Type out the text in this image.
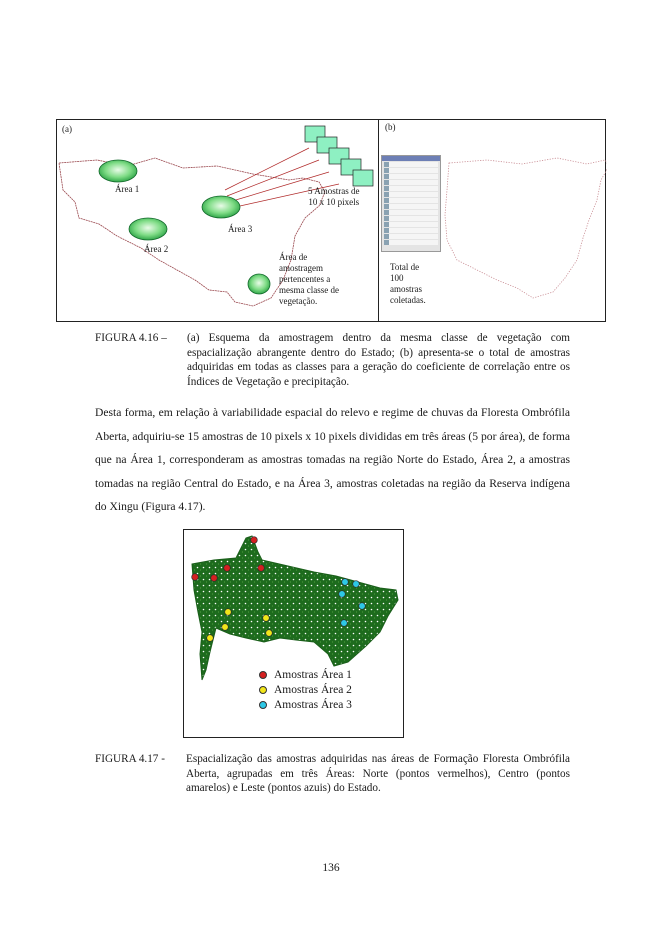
(a)	(b)
Área 1
Área 2
Área 3
5 Amostras de
10 x 10 pixels
Área de
amostragem
pertencentes a
mesma classe de
vegetação.
Total de
100
amostras
coletadas.
FIGURA 4.16 – (a) Esquema da amostragem dentro da mesma classe de vegetação com espacialização abrangente dentro do Estado; (b) apresenta-se o total de amostras adquiridas em todas as classes para a geração do coeficiente de correlação entre os Índices de Vegetação e precipitação.

Desta forma, em relação à variabilidade espacial do relevo e regime de chuvas da Floresta Ombrófila Aberta, adquiriu-se 15 amostras de 10 pixels x 10 pixels divididas em três áreas (5 por área), de forma que na Área 1, corresponderam as amostras tomadas na região Norte do Estado, Área 2, a amostras tomadas na região Central do Estado, e na Área 3, amostras coletadas na região da Reserva indígena do Xingu (Figura 4.17).

Amostras Área 1
Amostras Área 2
Amostras Área 3
FIGURA 4.17 - Espacialização das amostras adquiridas nas áreas de Formação Floresta Ombrófila Aberta, agrupadas em três Áreas: Norte (pontos vermelhos), Centro (pontos amarelos) e Leste (pontos azuis) do Estado.
136
